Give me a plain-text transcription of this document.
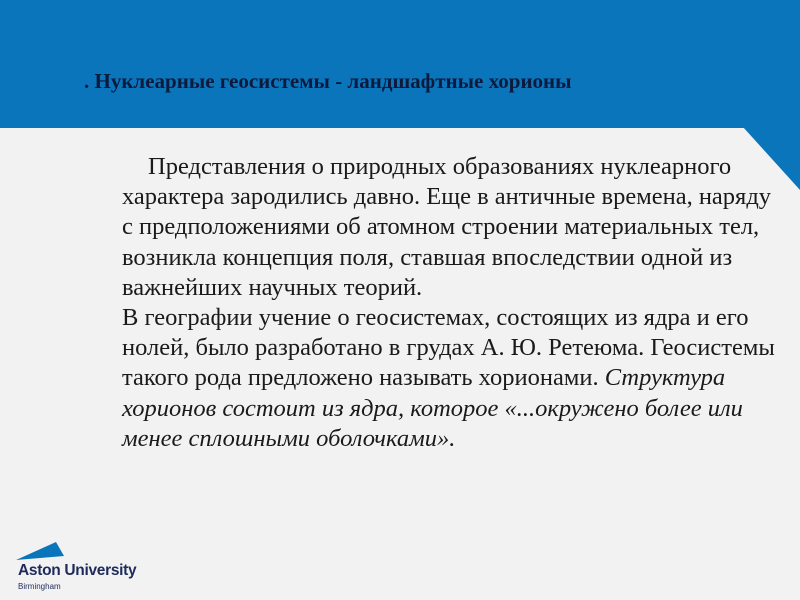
. Нуклеарные геосистемы - ландшафтные хорионы
Представления о природных образованиях нуклеарного характера зародились давно. Еще в античные времена, наряду с предположениями об атомном строении материальных тел, возникла концепция поля, ставшая впоследствии одной из важнейших научных теорий.
В географии учение о геосистемах, состоящих из ядра и его нолей, было разработано в грудах А. Ю. Ретеюма. Геосистемы такого рода предложено называть хорионами. Структура хорионов состоит из ядра, которое «...окружено более или менее сплошными оболочками».
Aston University
Birmingham
